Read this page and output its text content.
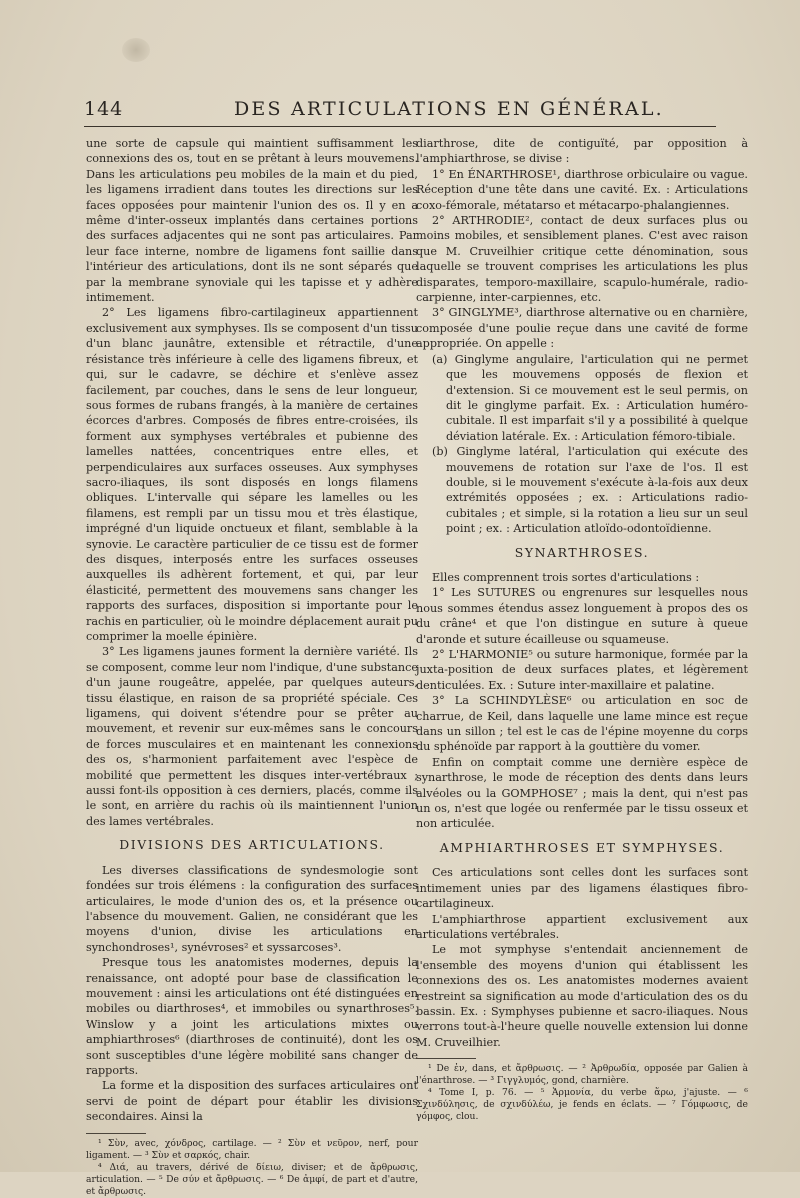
144	DES ARTICULATIONS EN GÉNÉRAL.

une sorte de capsule qui maintient suffisamment les connexions des os, tout en se prêtant à leurs mouvemens. Dans les articulations peu mobiles de la main et du pied, les ligamens irradient dans toutes les directions sur les faces opposées pour maintenir l'union des os. Il y en a même d'inter-osseux implantés dans certaines portions des surfaces adjacentes qui ne sont pas articulaires. Par leur face interne, nombre de ligamens font saillie dans l'intérieur des articulations, dont ils ne sont séparés que par la membrane synoviale qui les tapisse et y adhère intimement.

2° Les ligamens fibro-cartilagineux appartiennent exclusivement aux symphyses. Ils se composent d'un tissu d'un blanc jaunâtre, extensible et rétractile, d'une résistance très inférieure à celle des ligamens fibreux, et qui, sur le cadavre, se déchire et s'enlève assez facilement, par couches, dans le sens de leur longueur, sous formes de rubans frangés, à la manière de certaines écorces d'arbres. Composés de fibres entre-croisées, ils forment aux symphyses vertébrales et pubienne des lamelles nattées, concentriques entre elles, et perpendiculaires aux surfaces osseuses. Aux symphyses sacro-iliaques, ils sont disposés en longs filamens obliques. L'intervalle qui sépare les lamelles ou les filamens, est rempli par un tissu mou et très élastique, imprégné d'un liquide onctueux et filant, semblable à la synovie. Le caractère particulier de ce tissu est de former des disques, interposés entre les surfaces osseuses auxquelles ils adhèrent fortement, et qui, par leur élasticité, permettent des mouvemens sans changer les rapports des surfaces, disposition si importante pour le rachis en particulier, où le moindre déplacement aurait pu comprimer la moelle épinière.

3° Les ligamens jaunes forment la dernière variété. Ils se composent, comme leur nom l'indique, d'une substance d'un jaune rougeâtre, appelée, par quelques auteurs, tissu élastique, en raison de sa propriété spéciale. Ces ligamens, qui doivent s'étendre pour se prêter au mouvement, et revenir sur eux-mêmes sans le concours de forces musculaires et en maintenant les connexions des os, s'harmonient parfaitement avec l'espèce de mobilité que permettent les disques inter-vertébraux ; aussi font-ils opposition à ces derniers, placés, comme ils le sont, en arrière du rachis où ils maintiennent l'union des lames vertébrales.

DIVISIONS DES ARTICULATIONS.

Les diverses classifications de syndesmologie sont fondées sur trois élémens : la configuration des surfaces articulaires, le mode d'union des os, et la présence ou l'absence du mouvement. Galien, ne considérant que les moyens d'union, divise les articulations en synchondroses¹, synévroses² et syssarcoses³.

Presque tous les anatomistes modernes, depuis la renaissance, ont adopté pour base de classification le mouvement : ainsi les articulations ont été distinguées en mobiles ou diarthroses⁴, et immobiles ou synarthroses⁵. Winslow y a joint les articulations mixtes ou amphiarthroses⁶ (diarthroses de continuité), dont les os sont susceptibles d'une légère mobilité sans changer de rapports.

La forme et la disposition des surfaces articulaires ont servi de point de départ pour établir les divisions secondaires. Ainsi la

¹ Σὺν, avec, χόνδρος, cartilage. — ² Σὺν et νεῦρον, nerf, pour ligament. — ³ Σὺν et σαρκός, chair.

⁴ Διά, au travers, dérivé de δίειω, diviser; et de ἄρθρωσις, articulation. — ⁵ De σύν et ἄρθρωσις. — ⁶ De ἀμφί, de part et d'autre, et ἄρθρωσις.

diarthrose, dite de contiguïté, par opposition à l'amphiarthrose, se divise :

1° En ÉNARTHROSE¹, diarthrose orbiculaire ou vague. Réception d'une tête dans une cavité. Ex. : Articulations coxo-fémorale, métatarso et métacarpo-phalangiennes.

2° ARTHRODIE², contact de deux surfaces plus ou moins mobiles, et sensiblement planes. C'est avec raison que M. Cruveilhier critique cette dénomination, sous laquelle se trouvent comprises les articulations les plus disparates, temporo-maxillaire, scapulo-humérale, radio-carpienne, inter-carpiennes, etc.

3° GINGLYME³, diarthrose alternative ou en charnière, composée d'une poulie reçue dans une cavité de forme appropriée. On appelle :

(a) Ginglyme angulaire, l'articulation qui ne permet que les mouvemens opposés de flexion et d'extension. Si ce mouvement est le seul permis, on dit le ginglyme parfait. Ex. : Articulation huméro-cubitale. Il est imparfait s'il y a possibilité à quelque déviation latérale. Ex. : Articulation fémoro-tibiale.

(b) Ginglyme latéral, l'articulation qui exécute des mouvemens de rotation sur l'axe de l'os. Il est double, si le mouvement s'exécute à-la-fois aux deux extrémités opposées ; ex. : Articulations radio-cubitales ; et simple, si la rotation a lieu sur un seul point ; ex. : Articulation atloïdo-odontoïdienne.

SYNARTHROSES.

Elles comprennent trois sortes d'articulations :

1° Les SUTURES ou engrenures sur lesquelles nous nous sommes étendus assez longuement à propos des os du crâne⁴ et que l'on distingue en suture à queue d'aronde et suture écailleuse ou squameuse.

2° L'HARMONIE⁵ ou suture harmonique, formée par la juxta-position de deux surfaces plates, et légèrement denticulées. Ex. : Suture inter-maxillaire et palatine.

3° La SCHINDYLÈSE⁶ ou articulation en soc de charrue, de Keil, dans laquelle une lame mince est reçue dans un sillon ; tel est le cas de l'épine moyenne du corps du sphénoïde par rapport à la gouttière du vomer.

Enfin on comptait comme une dernière espèce de synarthrose, le mode de réception des dents dans leurs alvéoles ou la GOMPHOSE⁷ ; mais la dent, qui n'est pas un os, n'est que logée ou renfermée par le tissu osseux et non articulée.

AMPHIARTHROSES ET SYMPHYSES.

Ces articulations sont celles dont les surfaces sont intimement unies par des ligamens élastiques fibro-cartilagineux.

L'amphiarthrose appartient exclusivement aux articulations vertébrales.

Le mot symphyse s'entendait anciennement de l'ensemble des moyens d'union qui établissent les connexions des os. Les anatomistes modernes avaient restreint sa signification au mode d'articulation des os du bassin. Ex. : Symphyses pubienne et sacro-iliaques. Nous verrons tout-à-l'heure quelle nouvelle extension lui donne M. Cruveilhier.

¹ De ἐν, dans, et ἄρθρωσις. — ² Ἀρθρωδία, opposée par Galien à l'énarthrose. — ³ Γιγγλυμός, gond, charnière.

⁴ Tome I, p. 76. — ⁵ Ἁρμονία, du verbe ἅρω, j'ajuste. — ⁶ Σχινδύλησις, de σχινδύλέω, je fends en éclats. — ⁷ Γόμφωσις, de γόμφος, clou.
